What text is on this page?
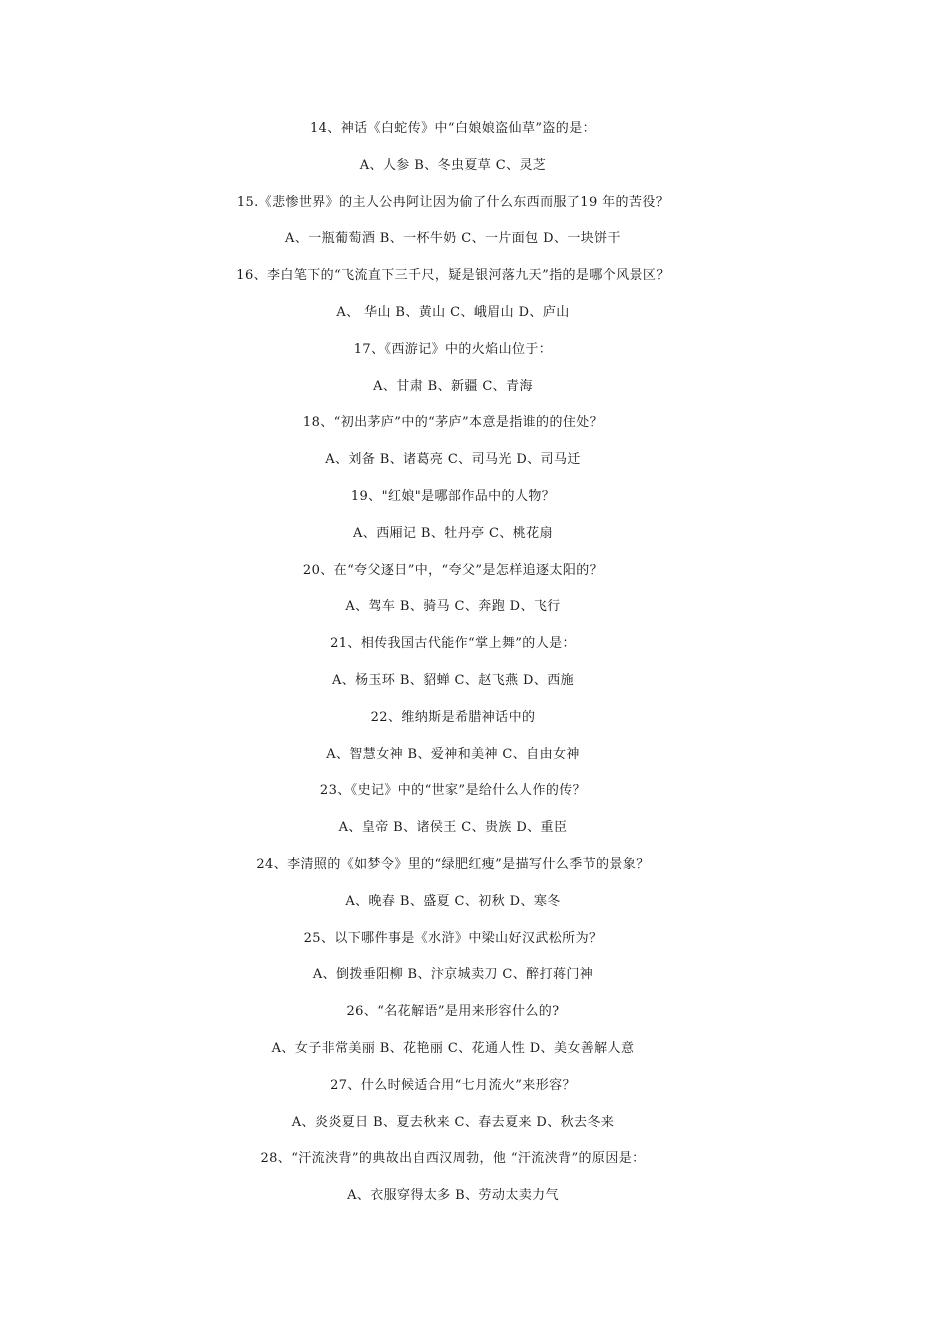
14、神话《白蛇传》中“白娘娘盗仙草”盗的是：
A、人参 B、冬虫夏草 C、灵芝
15.《悲惨世界》的主人公冉阿让因为偷了什么东西而服了19 年的苦役？
A、一瓶葡萄酒 B、一杯牛奶 C、一片面包 D、一块饼干
16、李白笔下的“飞流直下三千尺，疑是银河落九天”指的是哪个风景区？
A、 华山 B、黄山 C、峨眉山 D、庐山
17、《西游记》中的火焰山位于：
A、甘肃 B、新疆 C、青海
18、“初出茅庐”中的“茅庐”本意是指谁的的住处？
A、刘备 B、诸葛亮 C、司马光 D、司马迁
19、"红娘"是哪部作品中的人物？
A、西厢记 B、牡丹亭 C、桃花扇
20、在“夸父逐日”中，“夸父”是怎样追逐太阳的？
A、驾车 B、骑马 C、奔跑 D、飞行
21、相传我国古代能作“掌上舞”的人是：
A、杨玉环 B、貂蝉 C、赵飞燕 D、西施
22、维纳斯是希腊神话中的
A、智慧女神 B、爱神和美神 C、自由女神
23、《史记》中的“世家”是给什么人作的传？
A、皇帝 B、诸侯王 C、贵族 D、重臣
24、李清照的《如梦令》里的“绿肥红瘦”是描写什么季节的景象？
A、晚春 B、盛夏 C、初秋 D、寒冬
25、以下哪件事是《水浒》中梁山好汉武松所为？
A、倒拨垂阳柳 B、汴京城卖刀 C、醉打蒋门神
26、“名花解语”是用来形容什么的?
A、女子非常美丽 B、花艳丽 C、花通人性 D、美女善解人意
27、什么时候适合用“七月流火”来形容？
A、炎炎夏日 B、夏去秋来 C、春去夏来 D、秋去冬来
28、“汗流浃背”的典故出自西汉周勃，他 “汗流浃背”的原因是：
A、衣服穿得太多 B、劳动太卖力气
